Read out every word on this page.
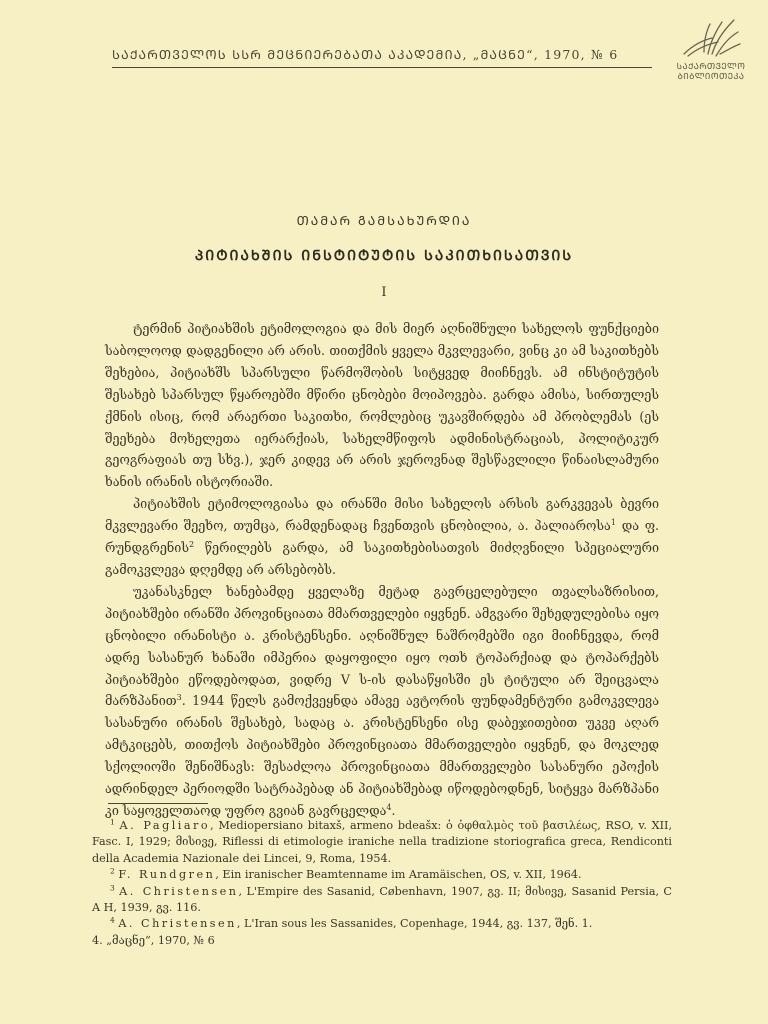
ᲡᲐᲥᲐᲠᲗᲕᲔᲚᲝᲡ ᲡᲡᲠ ᲛᲔᲪᲜᲘᲔᲠᲔᲑᲐᲗᲐ ᲐᲙᲐᲓᲔᲛᲘᲐ, „ᲛᲐᲪᲜᲔ“, 1970, № 6
ᲡᲐᲥᲐᲠᲗᲕᲔᲚᲝ
ᲑᲘᲑᲚᲘᲝᲗᲔᲙᲐ
ᲗᲐᲛᲐᲠ ᲒᲐᲛᲡᲐᲮᲣᲠᲓᲘᲐ
ᲞᲘᲢᲘᲐᲮᲨᲘᲡ ᲘᲜᲡᲢᲘᲢᲣᲢᲘᲡ ᲡᲐᲙᲘᲗᲮᲘᲡᲐᲗᲕᲘᲡ
I

ტერმინ პიტიახშის ეტიმოლოგია და მის მიერ აღნიშნული სახელოს ფუნქციები საბოლოოდ დადგენილი არ არის. თითქმის ყველა მკვლევარი, ვინც კი ამ საკითხებს შეხებია, პიტიახშს სპარსული წარმოშობის სიტყვედ მიიჩნევს. ამ ინსტიტუტის შესახებ სპარსულ წყაროებში მწირი ცნობები მოიპოვება. გარდა ამისა, სირთულეს ქმნის ისიც, რომ არაერთი საკითხი, რომლებიც უკავშირდება ამ პრობლემას (ეს შეეხება მოხელეთა იერარქიას, სახელმწიფოს ადმინისტრაციას, პოლიტიკურ გეოგრაფიას თუ სხვ.), ჯერ კიდევ არ არის ჯეროვნად შესწავლილი წინაისლამური ხანის ირანის ისტორიაში.

პიტიახშის ეტიმოლოგიასა და ირანში მისი სახელოს არსის გარკვევას ბევრი მკვლევარი შეეხო, თუმცა, რამდენადაც ჩვენთვის ცნობილია, ა. პალიაროსა$^1$ და ფ. რუნდგრენის$^2$ წერილებს გარდა, ამ საკითხებისათვის მიძღვნილი სპეციალური გამოკვლევა დღემდე არ არსებობს.

უკანასკნელ ხანებამდე ყველაზე მეტად გავრცელებული თვალსაზრისით, პიტიახშები ირანში პროვინციათა მმართველები იყვნენ. ამგვარი შეხედულებისა იყო ცნობილი ირანისტი ა. კრისტენსენი. აღნიშნულ ნაშრომებში იგი მიიჩნევდა, რომ ადრე სასანურ ხანაში იმპერია დაყოფილი იყო ოთხ ტოპარქიად და ტოპარქებს პიტიახშები ეწოდებოდათ, ვიდრე V ს-ის დასაწყისში ეს ტიტული არ შეიცვალა მარზპანით$^3$. 1944 წელს გამოქვეყნდა ამავე ავტორის ფუნდამენტური გამოკვლევა სასანური ირანის შესახებ, სადაც ა. კრისტენსენი ისე დაბეჯითებით უკვე აღარ ამტკიცებს, თითქოს პიტიახშები პროვინციათა მმართველები იყვნენ, და მოკლედ სქოლიოში შენიშნავს: შესაძლოა პროვინციათა მმართველები სასანური ეპოქის ადრინდელ პერიოდში სატრაპებად ან პიტიახშებად იწოდებოდნენ, სიტყვა მარზპანი კი საყოველთაოდ უფრო გვიან გავრცელდა$^4$.

$^1$ A. Pagliaro, Mediopersiano bitaxš, armeno bdeašx: ὁ ὀφθαλμὸς τοῦ βασιλέως, RSO, v. XII, Fasc. I, 1929; მისივე, Riflessi di etimologie iraniche nella tradizione storiografica greca, Rendiconti della Academia Nazionale dei Lincei, 9, Roma, 1954.

$^2$ F. Rundgren, Ein iranischer Beamtenname im Aramäischen, OS, v. XII, 1964.

$^3$ A. Christensen, L'Empire des Sasanid, Cøbenhavn, 1907, გვ. II; მისივე, Sasanid Persia, C A H, 1939, გვ. 116.

$^4$ A. Christensen, L'Iran sous les Sassanides, Copenhage, 1944, გვ. 137, შენ. 1.

4. „მაცნე“, 1970, № 6
